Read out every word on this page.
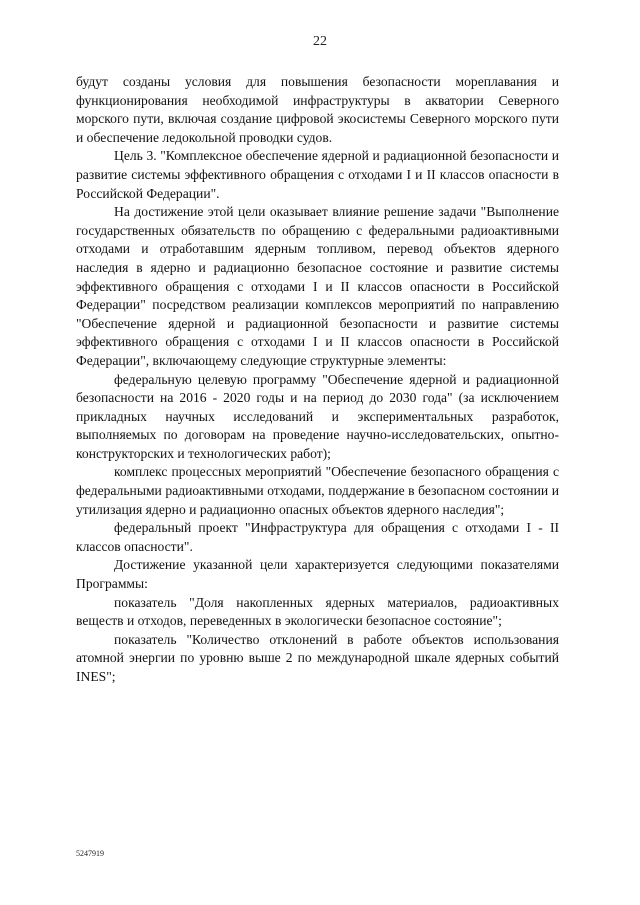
22

будут созданы условия для повышения безопасности мореплавания и функционирования необходимой инфраструктуры в акватории Северного морского пути, включая создание цифровой экосистемы Северного морского пути и обеспечение ледокольной проводки судов.

Цель 3. "Комплексное обеспечение ядерной и радиационной безопасности и развитие системы эффективного обращения с отходами I и II классов опасности в Российской Федерации".

На достижение этой цели оказывает влияние решение задачи "Выполнение государственных обязательств по обращению с федеральными радиоактивными отходами и отработавшим ядерным топливом, перевод объектов ядерного наследия в ядерно и радиационно безопасное состояние и развитие системы эффективного обращения с отходами I и II классов опасности в Российской Федерации" посредством реализации комплексов мероприятий по направлению "Обеспечение ядерной и радиационной безопасности и развитие системы эффективного обращения с отходами I и II классов опасности в Российской Федерации", включающему следующие структурные элементы:

федеральную целевую программу "Обеспечение ядерной и радиационной безопасности на 2016 - 2020 годы и на период до 2030 года" (за исключением прикладных научных исследований и экспериментальных разработок, выполняемых по договорам на проведение научно-исследовательских, опытно-конструкторских и технологических работ);

комплекс процессных мероприятий "Обеспечение безопасного обращения с федеральными радиоактивными отходами, поддержание в безопасном состоянии и утилизация ядерно и радиационно опасных объектов ядерного наследия";

федеральный проект "Инфраструктура для обращения с отходами I - II классов опасности".

Достижение указанной цели характеризуется следующими показателями Программы:

показатель "Доля накопленных ядерных материалов, радиоактивных веществ и отходов, переведенных в экологически безопасное состояние";

показатель "Количество отклонений в работе объектов использования атомной энергии по уровню выше 2 по международной шкале ядерных событий INES";

5247919
